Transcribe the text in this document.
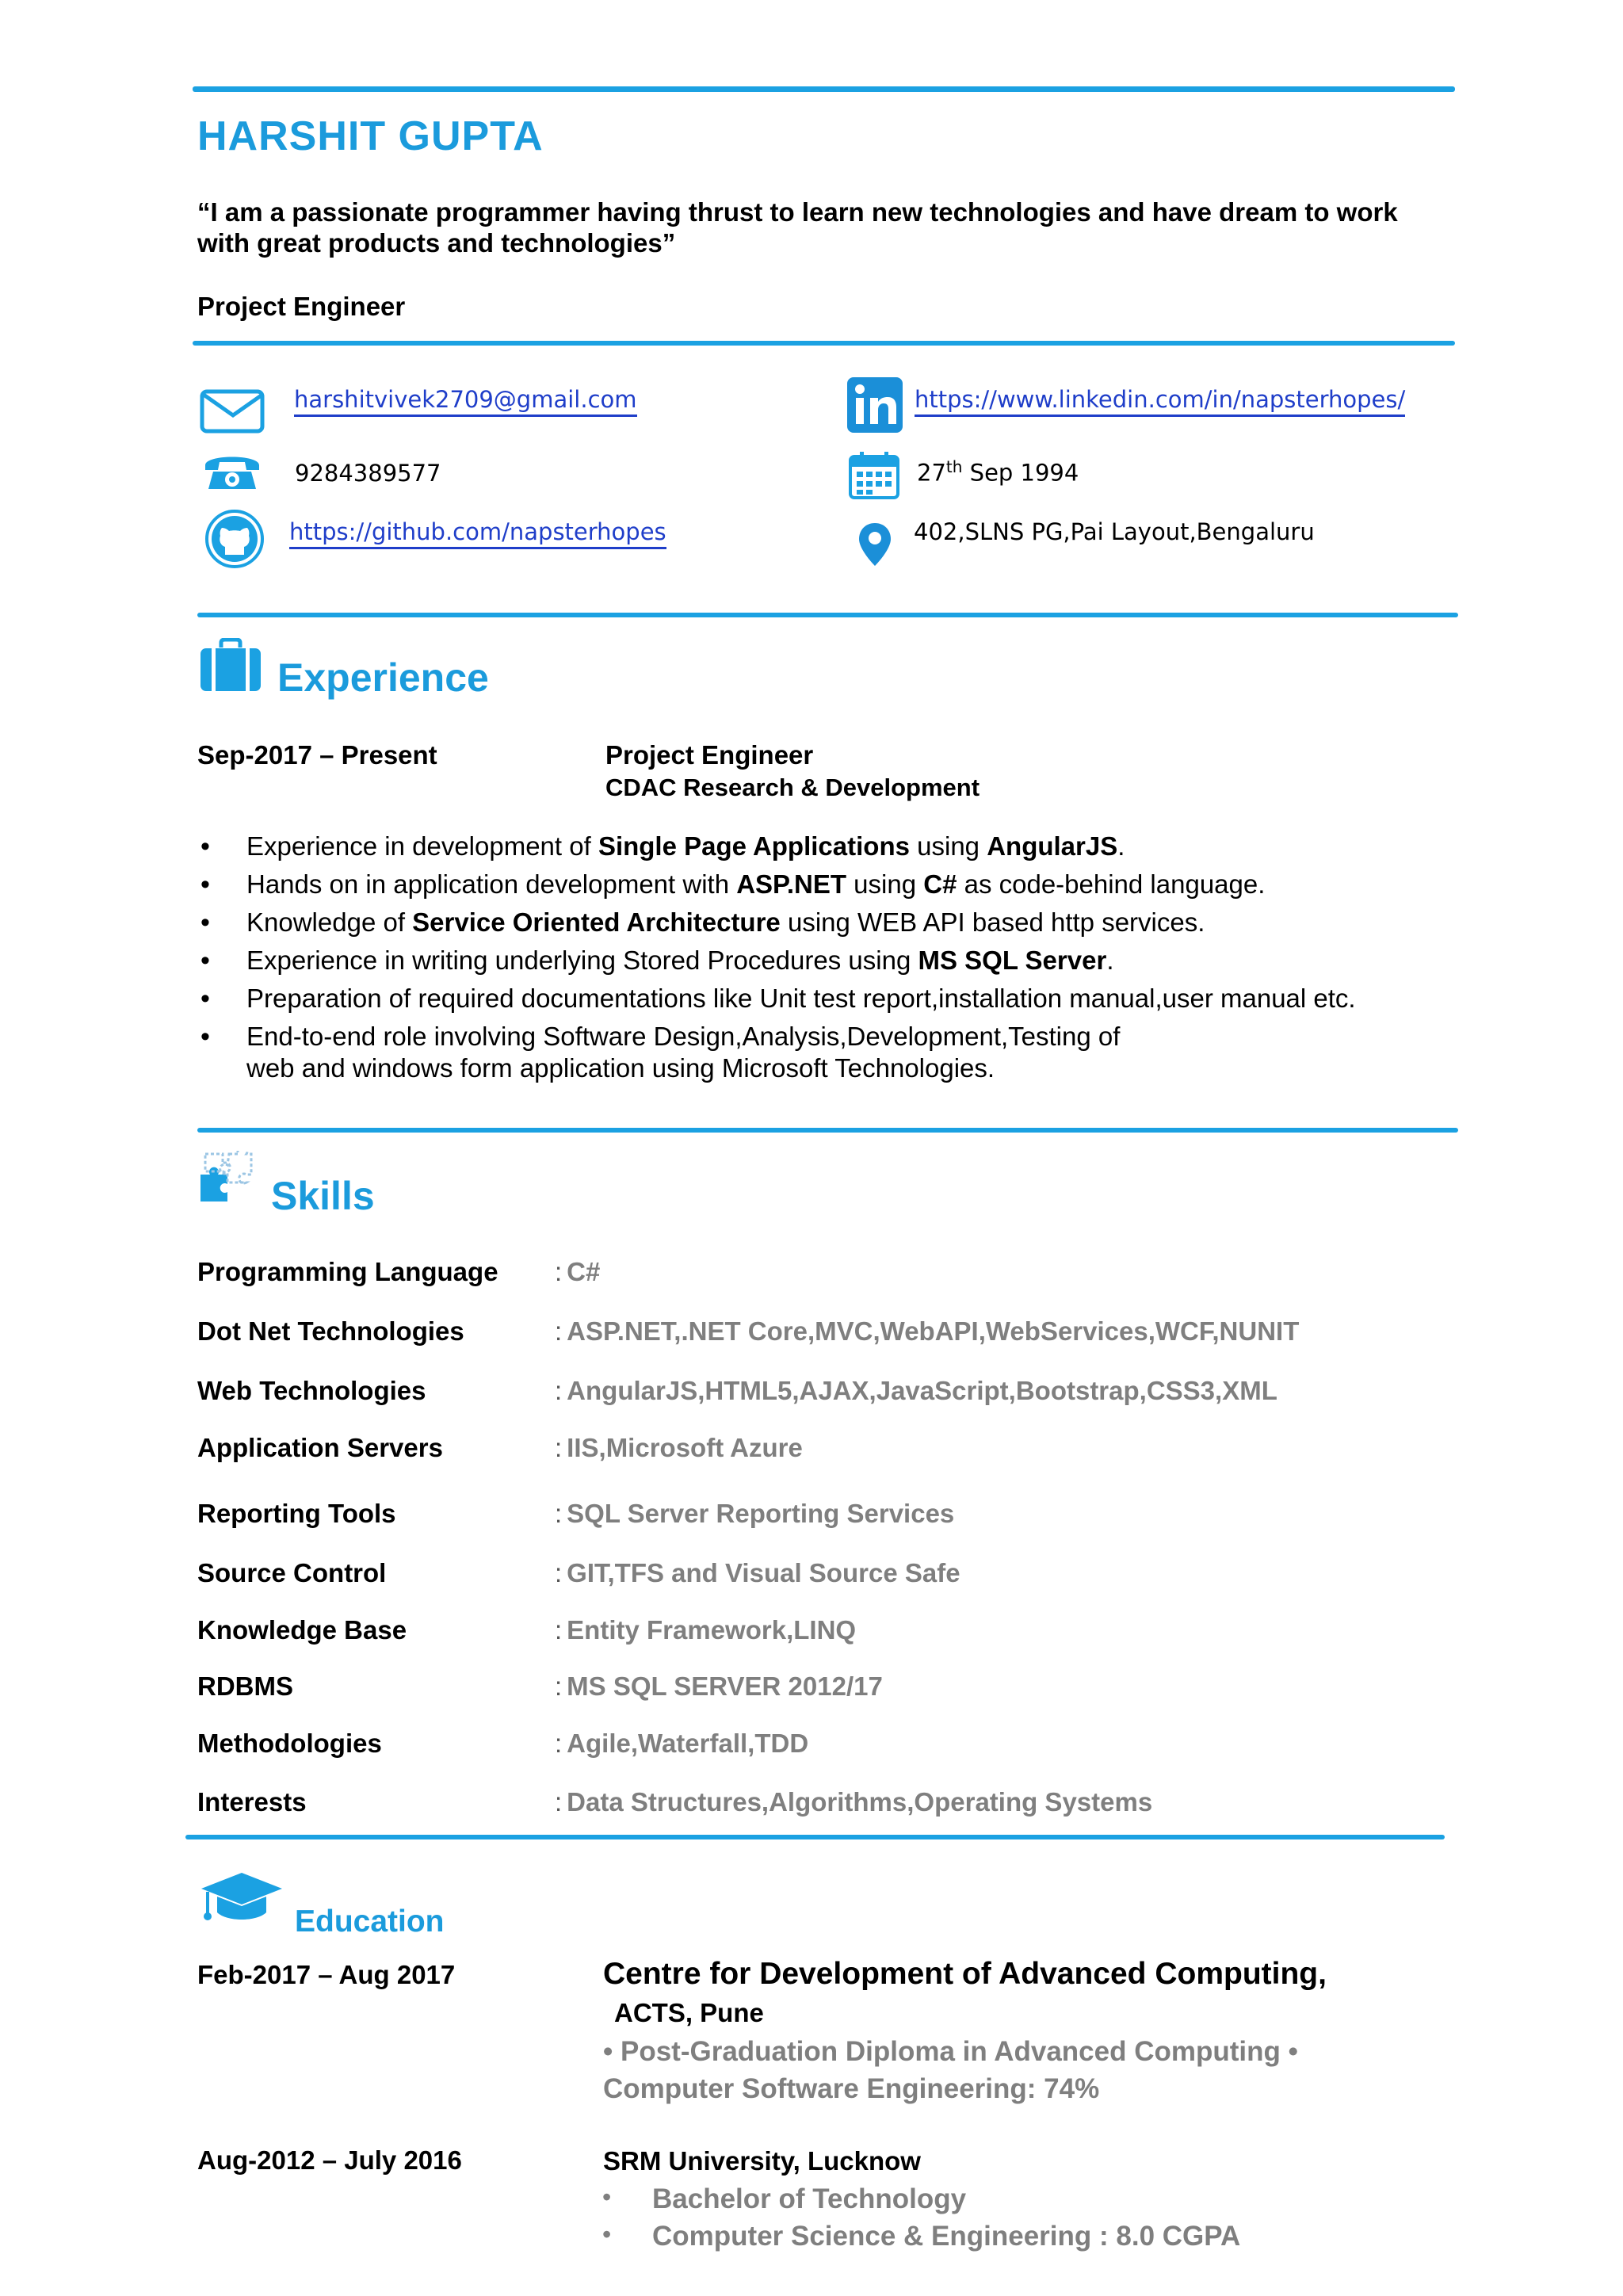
HARSHIT GUPTA
“I am a passionate programmer having thrust to learn new technologies and have dream to work with great products and technologies”
Project Engineer
harshitvivek2709@gmail.com	https://www.linkedin.com/in/napsterhopes/
9284389577	27th Sep 1994
https://github.com/napsterhopes	402,SLNS PG,Pai Layout,Bengaluru
Experience
Sep-2017 – Present	Project Engineer
CDAC Research & Development
• Experience in development of Single Page Applications using AngularJS.
• Hands on in application development with ASP.NET using C# as code-behind language.
• Knowledge of Service Oriented Architecture using WEB API based http services.
• Experience in writing underlying Stored Procedures using MS SQL Server.
• Preparation of required documentations like Unit test report,installation manual,user manual etc.
• End-to-end role involving Software Design,Analysis,Development,Testing of
web and windows form application using Microsoft Technologies.
Skills
Programming Language : C#
Dot Net Technologies	: ASP.NET,.NET Core,MVC,WebAPI,WebServices,WCF,NUNIT
Web Technologies	: AngularJS,HTML5,AJAX,JavaScript,Bootstrap,CSS3,XML
Application Servers	: IIS,Microsoft Azure
Reporting Tools	: SQL Server Reporting Services
Source Control	: GIT,TFS and Visual Source Safe
Knowledge Base	: Entity Framework,LINQ
RDBMS	: MS SQL SERVER 2012/17
Methodologies	: Agile,Waterfall,TDD
Interests	: Data Structures,Algorithms,Operating Systems
Education
Feb-2017 – Aug 2017	Centre for Development of Advanced Computing,
ACTS, Pune
• Post-Graduation Diploma in Advanced Computing •
Computer Software Engineering: 74%
Aug-2012 – July 2016	SRM University, Lucknow
• Bachelor of Technology
• Computer Science & Engineering : 8.0 CGPA
